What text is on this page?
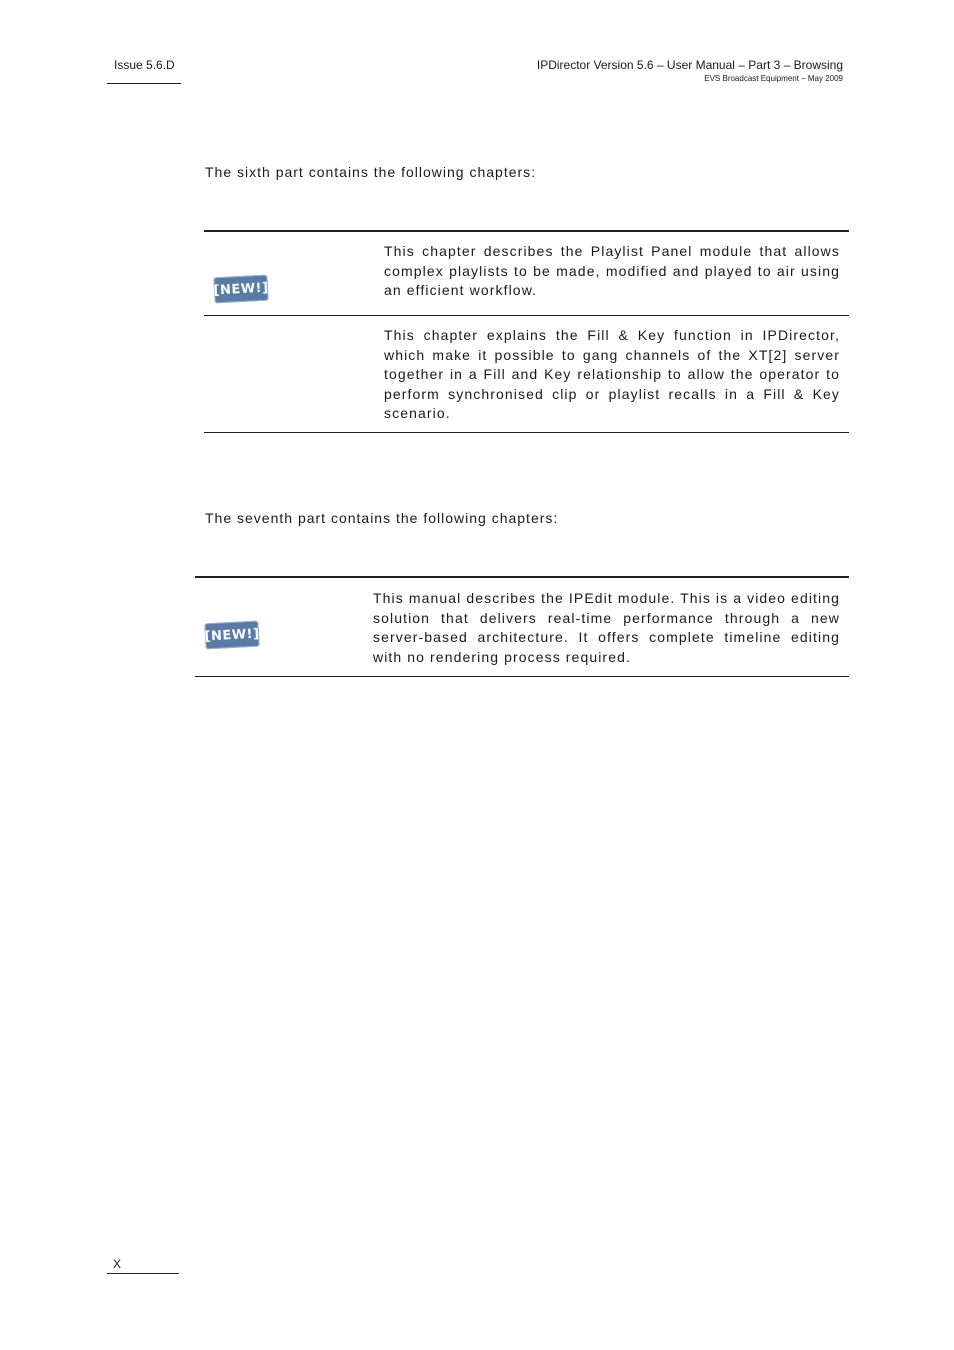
Issue 5.6.D	IPDirector Version 5.6 – User Manual – Part 3 – Browsing
EVS Broadcast Equipment – May 2009
The sixth part contains the following chapters:
[NEW!]
This chapter describes the Playlist Panel module that allows complex playlists to be made, modified and played to air using an efficient workflow.
This chapter explains the Fill & Key function in IPDirector, which make it possible to gang channels of the XT[2] server together in a Fill and Key relationship to allow the operator to perform synchronised clip or playlist recalls in a Fill & Key scenario.
The seventh part contains the following chapters:
[NEW!]
This manual describes the IPEdit module. This is a video editing solution that delivers real-time performance through a new server-based architecture. It offers complete timeline editing with no rendering process required.
X
